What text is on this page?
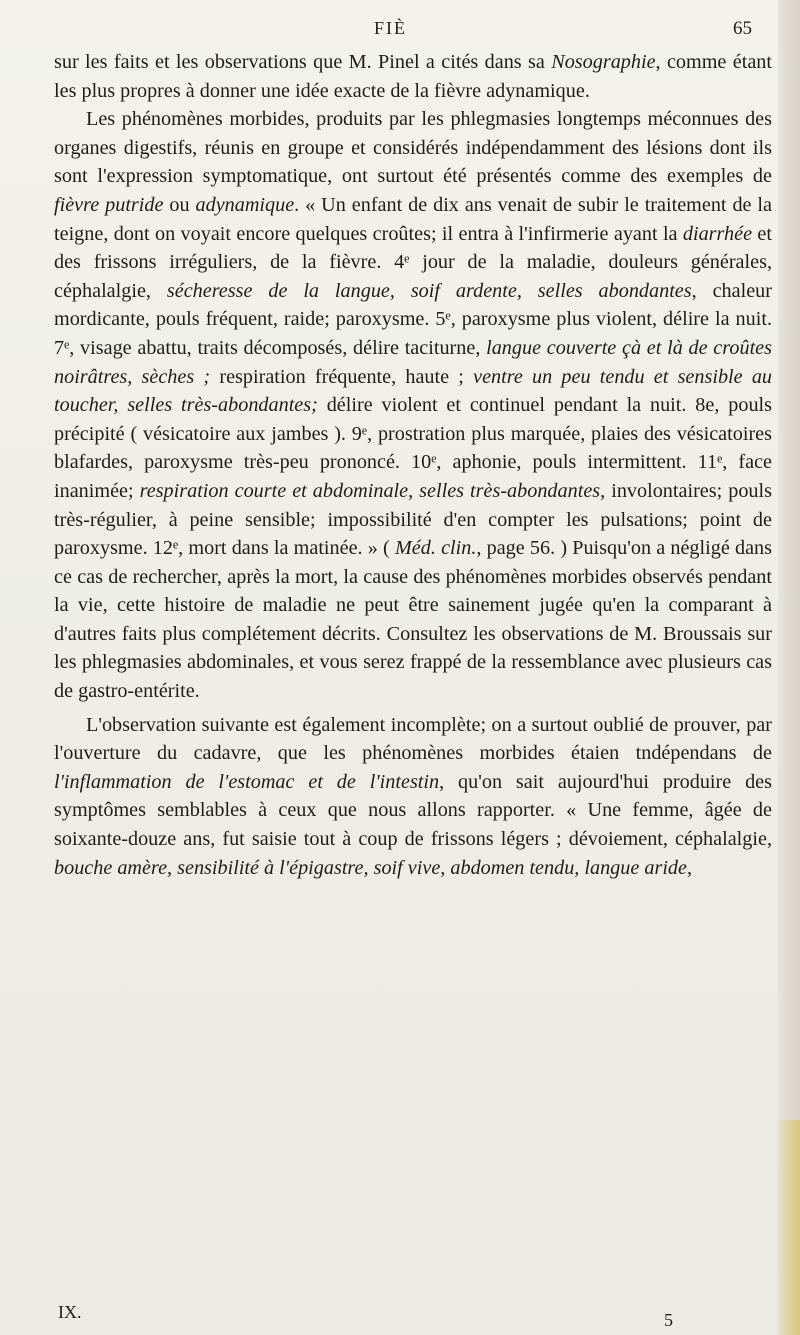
FIÈ	65

sur les faits et les observations que M. Pinel a cités dans sa Nosographie, comme étant les plus propres à donner une idée exacte de la fièvre adynamique.

Les phénomènes morbides, produits par les phlegmasies longtemps méconnues des organes digestifs, réunis en groupe et considérés indépendamment des lésions dont ils sont l'expression symptomatique, ont surtout été présentés comme des exemples de fièvre putride ou adynamique. « Un enfant de dix ans venait de subir le traitement de la teigne, dont on voyait encore quelques croûtes; il entra à l'infirmerie ayant la diarrhée et des frissons irréguliers, de la fièvre. 4ᵉ jour de la maladie, douleurs générales, céphalalgie, sécheresse de la langue, soif ardente, selles abondantes, chaleur mordicante, pouls fréquent, raide; paroxysme. 5ᵉ, paroxysme plus violent, délire la nuit. 7ᵉ, visage abattu, traits décomposés, délire taciturne, langue couverte çà et là de croûtes noirâtres, sèches ; respiration fréquente, haute ; ventre un peu tendu et sensible au toucher, selles très-abondantes; délire violent et continuel pendant la nuit. 8e, pouls précipité ( vésicatoire aux jambes ). 9ᵉ, prostration plus marquée, plaies des vésicatoires blafardes, paroxysme très-peu prononcé. 10ᵉ, aphonie, pouls intermittent. 11ᵉ, face inanimée; respiration courte et abdominale, selles très-abondantes, involontaires; pouls très-régulier, à peine sensible; impossibilité d'en compter les pulsations; point de paroxysme. 12ᵉ, mort dans la matinée. » ( Méd. clin., page 56. ) Puisqu'on a négligé dans ce cas de rechercher, après la mort, la cause des phénomènes morbides observés pendant la vie, cette histoire de maladie ne peut être sainement jugée qu'en la comparant à d'autres faits plus complétement décrits. Consultez les observations de M. Broussais sur les phlegmasies abdominales, et vous serez frappé de la ressemblance avec plusieurs cas de gastro-entérite.

L'observation suivante est également incomplète; on a surtout oublié de prouver, par l'ouverture du cadavre, que les phénomènes morbides étaien tndépendans de l'inflammation de l'estomac et de l'intestin, qu'on sait aujourd'hui produire des symptômes semblables à ceux que nous allons rapporter. « Une femme, âgée de soixante-douze ans, fut saisie tout à coup de frissons légers ; dévoiement, céphalalgie, bouche amère, sensibilité à l'épigastre, soif vive, abdomen tendu, langue aride,

IX.	5
